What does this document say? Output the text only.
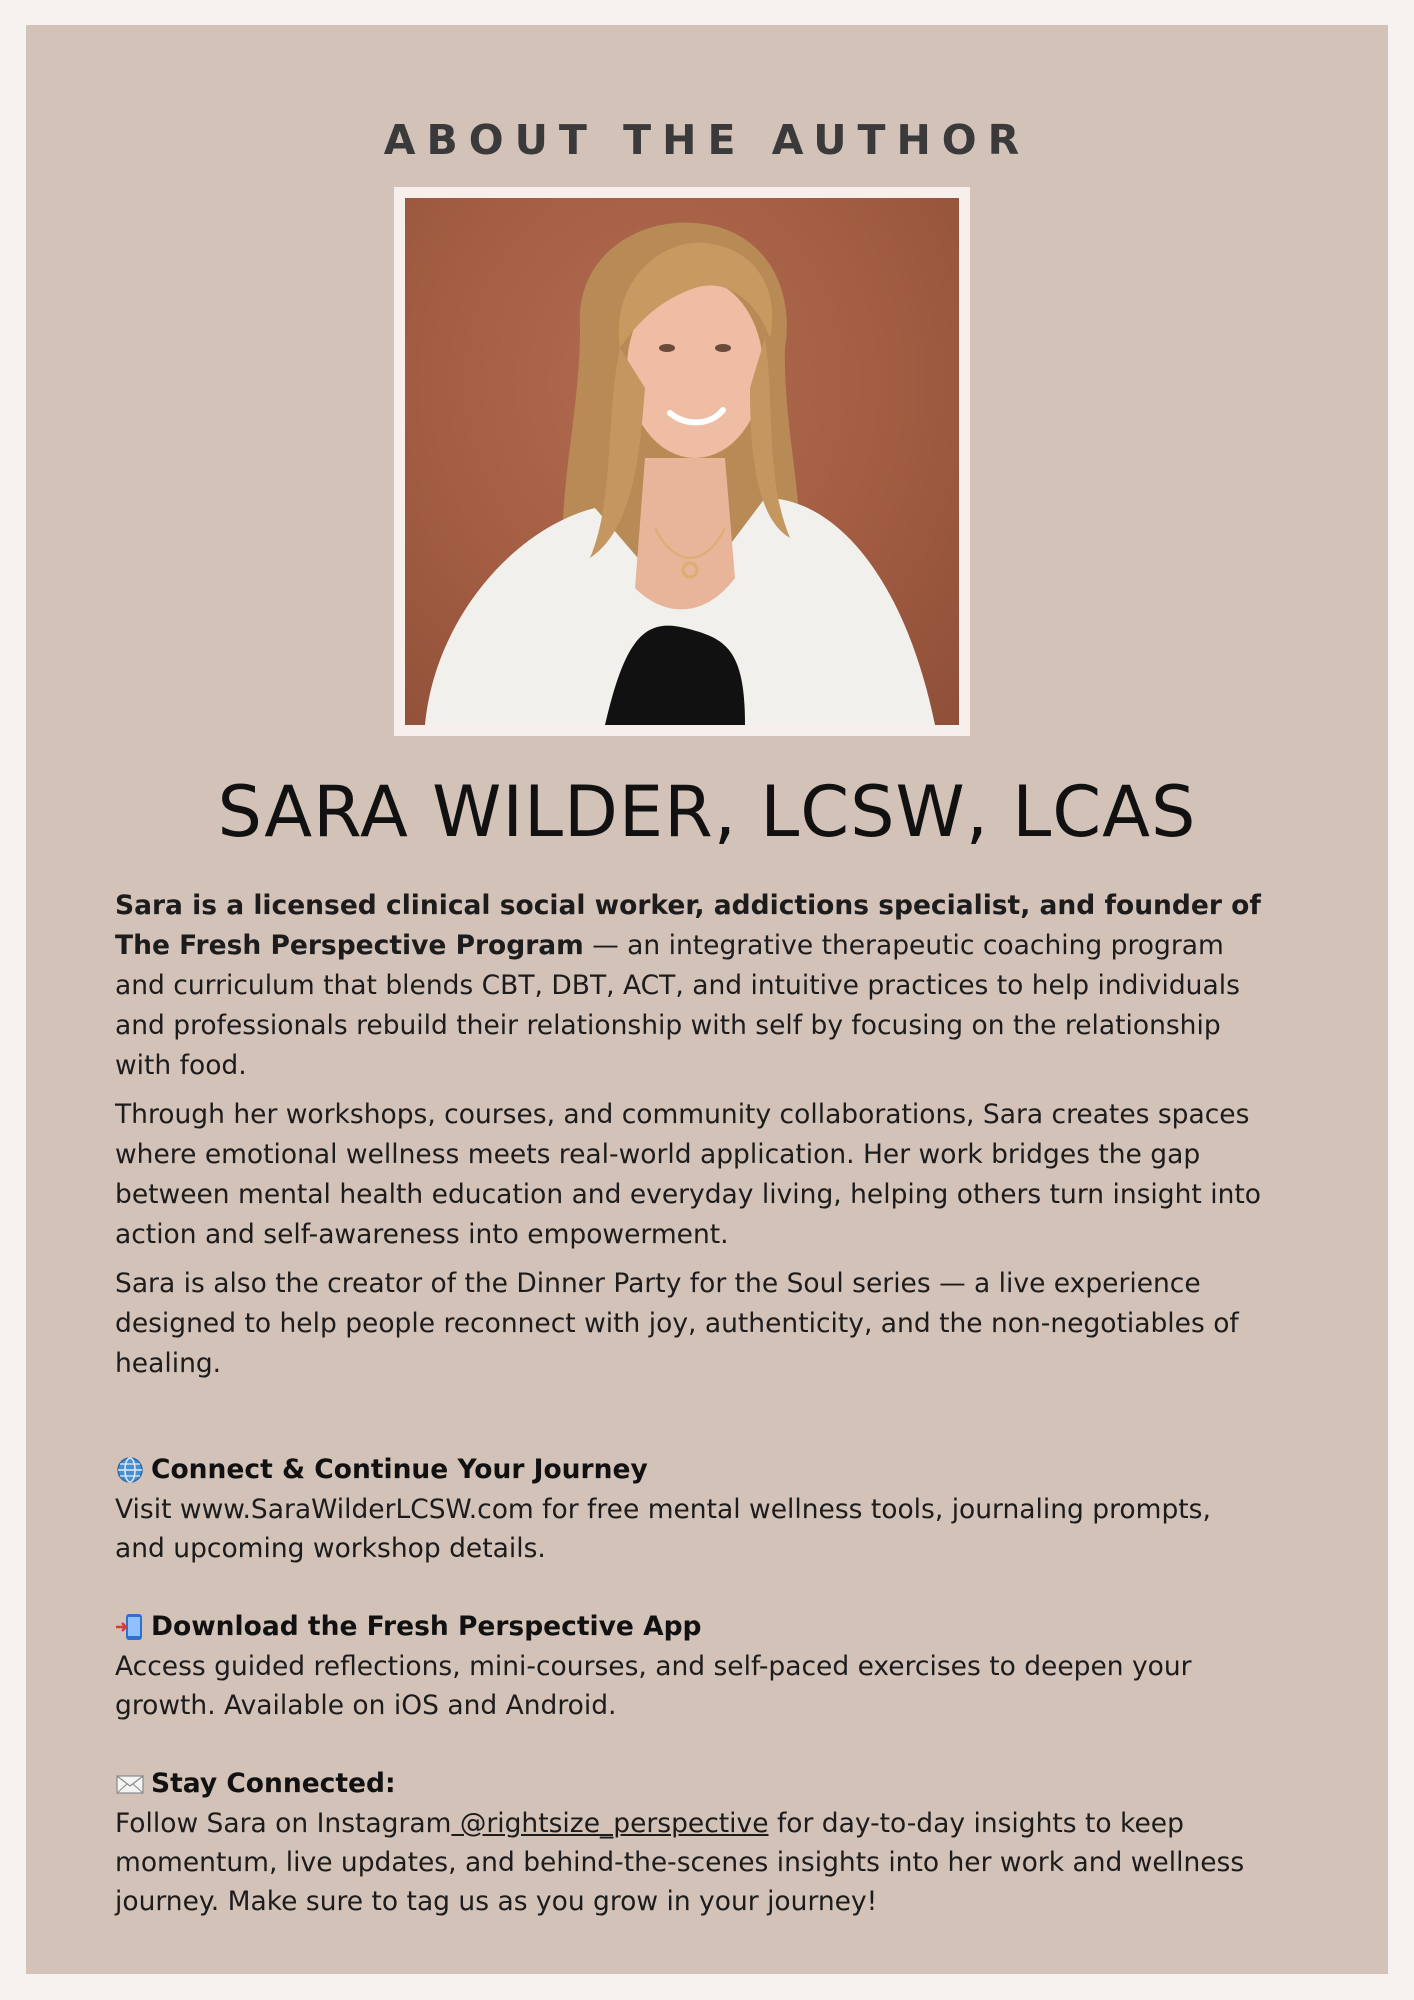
ABOUT THE AUTHOR
SARA WILDER, LCSW, LCAS
Sara is a licensed clinical social worker, addictions specialist, and founder of The Fresh Perspective Program — an integrative therapeutic coaching program and curriculum that blends CBT, DBT, ACT, and intuitive practices to help individuals and professionals rebuild their relationship with self by focusing on the relationship with food.
Through her workshops, courses, and community collaborations, Sara creates spaces where emotional wellness meets real-world application. Her work bridges the gap between mental health education and everyday living, helping others turn insight into action and self-awareness into empowerment.
Sara is also the creator of the Dinner Party for the Soul series — a live experience designed to help people reconnect with joy, authenticity, and the non-negotiables of healing.
Connect & Continue Your Journey
Visit www.SaraWilderLCSW.com for free mental wellness tools, journaling prompts, and upcoming workshop details.
Download the Fresh Perspective App
Access guided reflections, mini-courses, and self-paced exercises to deepen your growth. Available on iOS and Android.
Stay Connected:
Follow Sara on Instagram @rightsize_perspective for day-to-day insights to keep momentum, live updates, and behind-the-scenes insights into her work and wellness journey. Make sure to tag us as you grow in your journey!
